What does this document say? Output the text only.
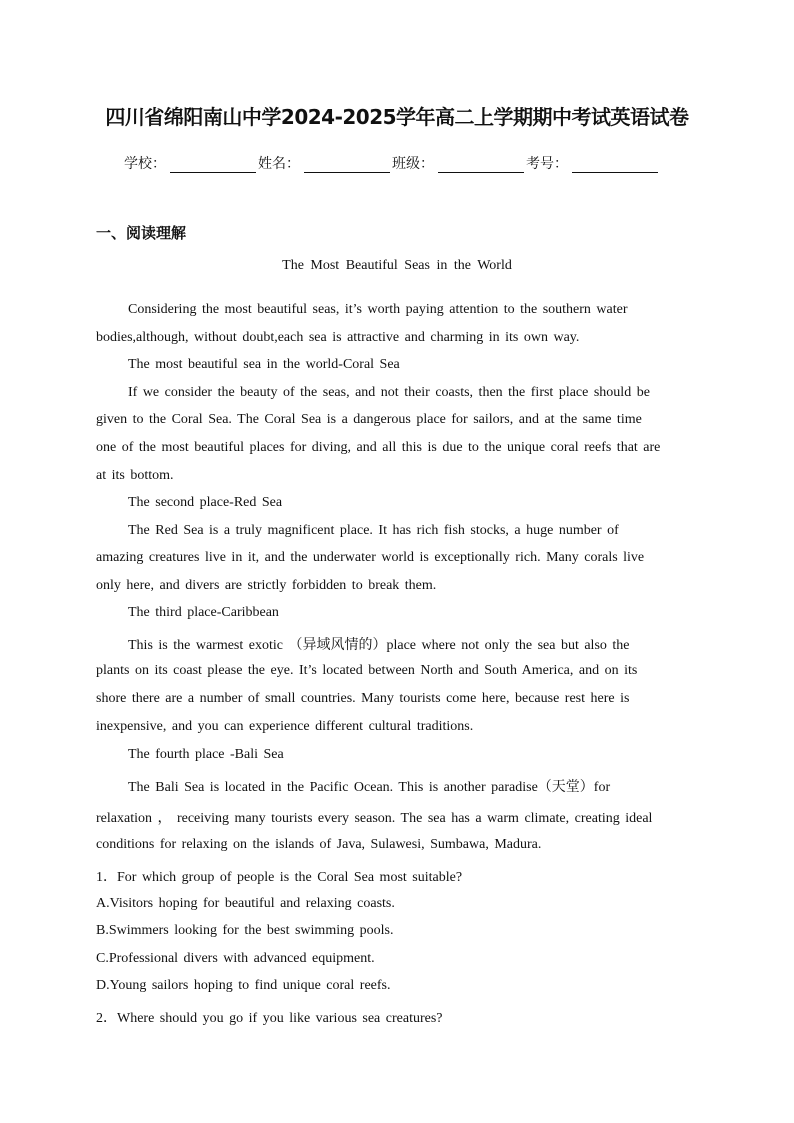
四川省绵阳南山中学2024-2025学年高二上学期期中考试英语试卷
学校：	姓名：	班级：	考号：
一、阅读理解
The Most Beautiful Seas in the World
Considering the most beautiful seas, it’s worth paying attention to the southern water
bodies,although, without doubt,each sea is attractive and charming in its own way.
The most beautiful sea in the world-Coral Sea
If we consider the beauty of the seas, and not their coasts, then the first place should be
given to the Coral Sea. The Coral Sea is a dangerous place for sailors, and at the same time
one of the most beautiful places for diving, and all this is due to the unique coral reefs that are
at its bottom.
The second place-Red Sea
The Red Sea is a truly magnificent place. It has rich fish stocks, a huge number of
amazing creatures live in it, and the underwater world is exceptionally rich. Many corals live
only here, and divers are strictly forbidden to break them.
The third place-Caribbean
This is the warmest exotic （异域风情的）place where not only the sea but also the
plants on its coast please the eye. It’s located between North and South America, and on its
shore there are a number of small countries. Many tourists come here, because rest here is
inexpensive, and you can experience different cultural traditions.
The fourth place -Bali Sea
The Bali Sea is located in the Pacific Ocean. This is another paradise（天堂）for
relaxation ， receiving many tourists every season. The sea has a warm climate, creating ideal
conditions for relaxing on the islands of Java, Sulawesi, Sumbawa, Madura.
1．For which group of people is the Coral Sea most suitable?
A.Visitors hoping for beautiful and relaxing coasts.
B.Swimmers looking for the best swimming pools.
C.Professional divers with advanced equipment.
D.Young sailors hoping to find unique coral reefs.
2．Where should you go if you like various sea creatures?
